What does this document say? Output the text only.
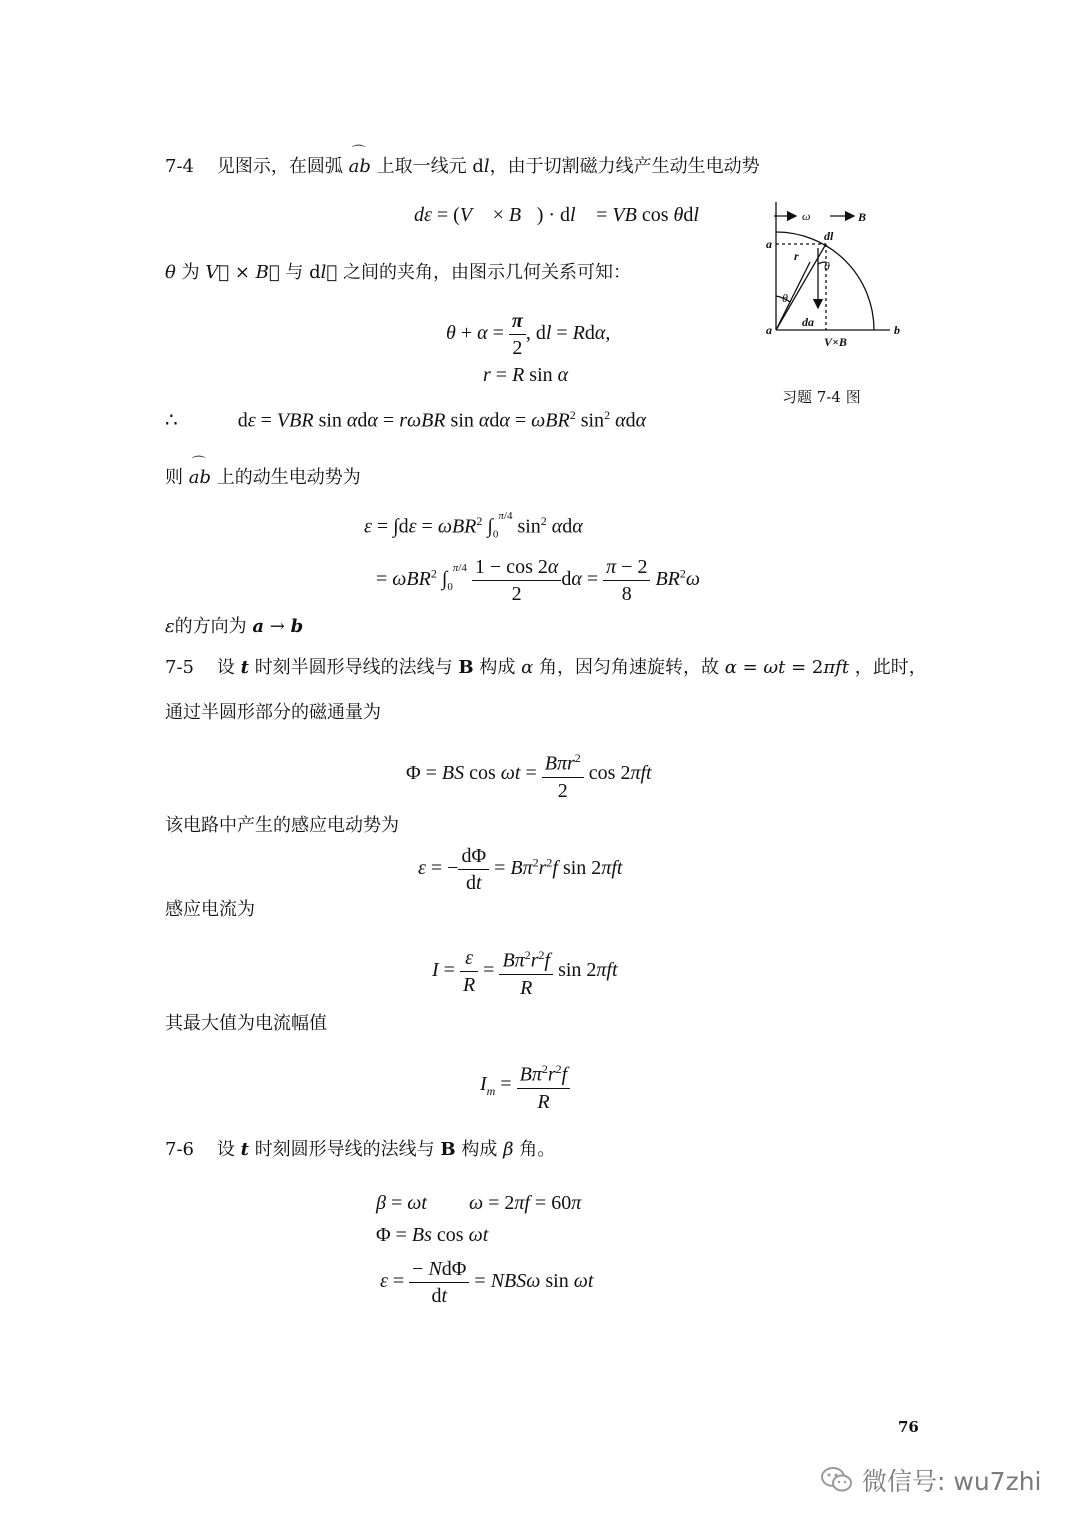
7-4 见图示，在圆弧 ⌒ ab 上取一线元 dl，由于切割磁力线产生动生电动势
dε = (V⃗ × B⃗) · dl⃗ = VB cos θdl
θ 为 V⃗ × B⃗ 与 dl⃗ 之间的夹角，由图示几何关系可知：
$\theta + \alpha = \frac{\pi}{2}$ , dl = Rdα,
r = R sin α
∴	dε = VBR sin αdα = rωBR sin αdα = ωBR$^2$ $\sin^2 \alpha d\alpha$
则 ⌒ ab 上的动生电动势为
ε = ∫dε = ωBR$^2$ $\int_0^{\pi/4}$ $\sin^2 \alpha d\alpha$
= ωBR$^2$ $\int_0^{\pi/4} \frac{1 - \cos 2\alpha}{2}$ $d\alpha = \frac{\pi - 2}{8} BR^2\omega$
ε的方向为 a → b
ω	B
a
a	b
dl
r
θ
θ
da
V×B
习题 7-4 图
7-5 设 t 时刻半圆形导线的法线与 B 构成 α 角，因匀角速旋转，故 α = ωt = 2πft ，此时，
通过半圆形部分的磁通量为
Φ = BS $\cos \omega t = \frac{B\pi r^2}{2}$ cos 2πft
该电路中产生的感应电动势为
ε = − $\frac{d\Phi}{dt} = B\pi^2r^2f$ sin 2πft
感应电流为
$I = \frac{\varepsilon}{R} = \frac{B\pi^2r^2f}{R}$ sin 2πft
其最大值为电流幅值
$I_m = \frac{B\pi^2r^2f}{R}$
7-6 设 t 时刻圆形导线的法线与 B 构成 β 角。
β = ωt ω = 2πf = 60π
Φ = Bs cos ωt
$\varepsilon = \frac{\text{− NdΦ}}{dt} = NBS\omega$ sin ωt
76
微信号: wu7zhi
